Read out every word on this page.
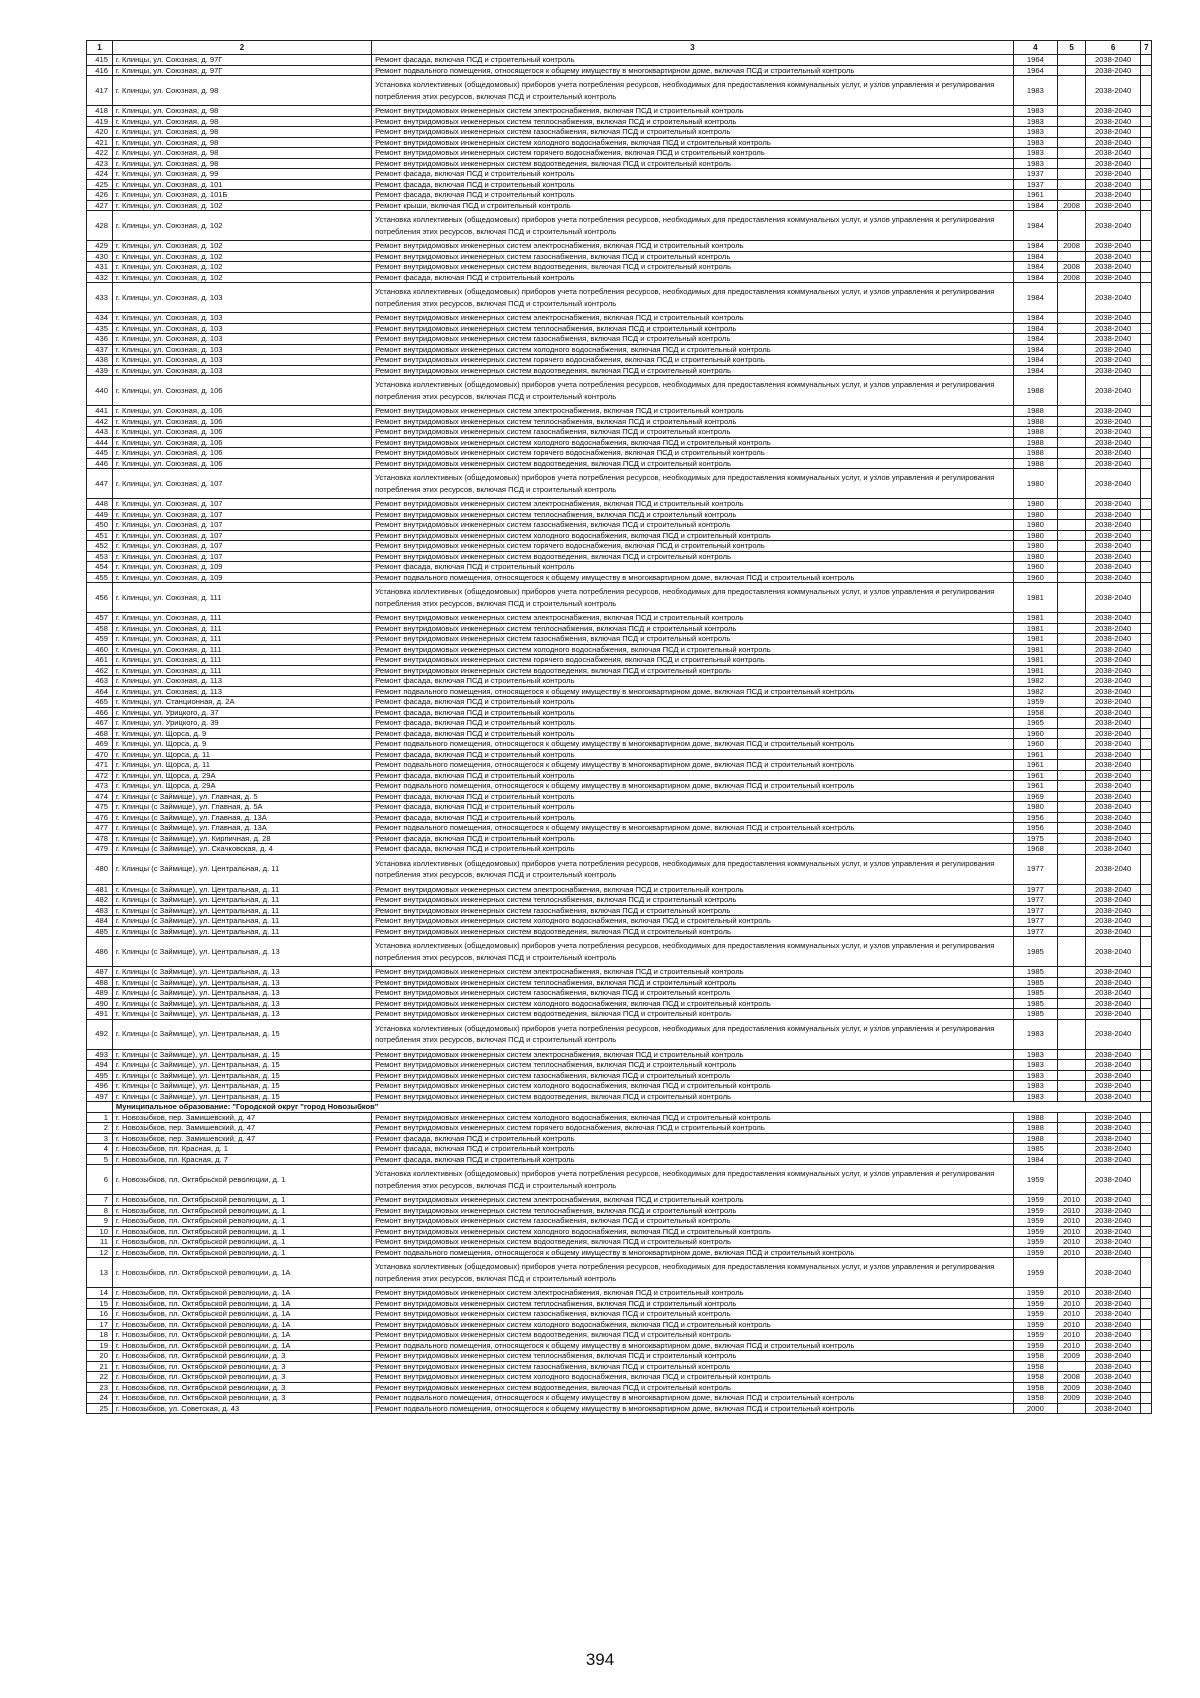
1	2	3	4	5	6	7
415	г. Клинцы, ул. Союзная, д. 97Г	Ремонт фасада, включая ПСД и строительный контроль	1964		2038-2040	
416	г. Клинцы, ул. Союзная, д. 97Г	Ремонт подвального помещения, относящегося к общему имуществу в многоквартирном доме, включая ПСД и строительный контроль	1964		2038-2040	
417	г. Клинцы, ул. Союзная, д. 98	Установка коллективных (общедомовых) приборов учета потребления ресурсов, необходимых для предоставления коммунальных услуг, и узлов управления и регулирования потребления этих ресурсов, включая ПСД и строительный контроль	1983		2038-2040	
418	г. Клинцы, ул. Союзная, д. 98	Ремонт внутридомовых инженерных систем электроснабжения, включая ПСД и строительный контроль	1983		2038-2040	
419	г. Клинцы, ул. Союзная, д. 98	Ремонт внутридомовых инженерных систем теплоснабжения, включая ПСД и строительный контроль	1983		2038-2040	
420	г. Клинцы, ул. Союзная, д. 98	Ремонт внутридомовых инженерных систем газоснабжения, включая ПСД и строительный контроль	1983		2038-2040	
421	г. Клинцы, ул. Союзная, д. 98	Ремонт внутридомовых инженерных систем холодного водоснабжения, включая ПСД и строительный контроль	1983		2038-2040	
422	г. Клинцы, ул. Союзная, д. 98	Ремонт внутридомовых инженерных систем горячего водоснабжения, включая ПСД и строительный контроль	1983		2038-2040	
423	г. Клинцы, ул. Союзная, д. 98	Ремонт внутридомовых инженерных систем водоотведения, включая ПСД и строительный контроль	1983		2038-2040	
424	г. Клинцы, ул. Союзная, д. 99	Ремонт фасада, включая ПСД и строительный контроль	1937		2038-2040	
425	г. Клинцы, ул. Союзная, д. 101	Ремонт фасада, включая ПСД и строительный контроль	1937		2038-2040	
426	г. Клинцы, ул. Союзная, д. 101Б	Ремонт фасада, включая ПСД и строительный контроль	1961		2038-2040	
427	г. Клинцы, ул. Союзная, д. 102	Ремонт крыши, включая ПСД и строительный контроль	1984	2008	2038-2040	
428	г. Клинцы, ул. Союзная, д. 102	Установка коллективных (общедомовых) приборов учета потребления ресурсов, необходимых для предоставления коммунальных услуг, и узлов управления и регулирования потребления этих ресурсов, включая ПСД и строительный контроль	1984		2038-2040	
429	г. Клинцы, ул. Союзная, д. 102	Ремонт внутридомовых инженерных систем электроснабжения, включая ПСД и строительный контроль	1984	2008	2038-2040	
430	г. Клинцы, ул. Союзная, д. 102	Ремонт внутридомовых инженерных систем газоснабжения, включая ПСД и строительный контроль	1984		2038-2040	
431	г. Клинцы, ул. Союзная, д. 102	Ремонт внутридомовых инженерных систем водоотведения, включая ПСД и строительный контроль	1984	2008	2038-2040	
432	г. Клинцы, ул. Союзная, д. 102	Ремонт фасада, включая ПСД и строительный контроль	1984	2008	2038-2040	
433	г. Клинцы, ул. Союзная, д. 103	Установка коллективных (общедомовых) приборов учета потребления ресурсов, необходимых для предоставления коммунальных услуг, и узлов управления и регулирования потребления этих ресурсов, включая ПСД и строительный контроль	1984		2038-2040	
434	г. Клинцы, ул. Союзная, д. 103	Ремонт внутридомовых инженерных систем электроснабжения, включая ПСД и строительный контроль	1984		2038-2040	
435	г. Клинцы, ул. Союзная, д. 103	Ремонт внутридомовых инженерных систем теплоснабжения, включая ПСД и строительный контроль	1984		2038-2040	
436	г. Клинцы, ул. Союзная, д. 103	Ремонт внутридомовых инженерных систем газоснабжения, включая ПСД и строительный контроль	1984		2038-2040	
437	г. Клинцы, ул. Союзная, д. 103	Ремонт внутридомовых инженерных систем холодного водоснабжения, включая ПСД и строительный контроль	1984		2038-2040	
438	г. Клинцы, ул. Союзная, д. 103	Ремонт внутридомовых инженерных систем горячего водоснабжения, включая ПСД и строительный контроль	1984		2038-2040	
439	г. Клинцы, ул. Союзная, д. 103	Ремонт внутридомовых инженерных систем водоотведения, включая ПСД и строительный контроль	1984		2038-2040	
440	г. Клинцы, ул. Союзная, д. 106	Установка коллективных (общедомовых) приборов учета потребления ресурсов, необходимых для предоставления коммунальных услуг, и узлов управления и регулирования потребления этих ресурсов, включая ПСД и строительный контроль	1988		2038-2040	
441	г. Клинцы, ул. Союзная, д. 106	Ремонт внутридомовых инженерных систем электроснабжения, включая ПСД и строительный контроль	1988		2038-2040	
442	г. Клинцы, ул. Союзная, д. 106	Ремонт внутридомовых инженерных систем теплоснабжения, включая ПСД и строительный контроль	1988		2038-2040	
443	г. Клинцы, ул. Союзная, д. 106	Ремонт внутридомовых инженерных систем газоснабжения, включая ПСД и строительный контроль	1988		2038-2040	
444	г. Клинцы, ул. Союзная, д. 106	Ремонт внутридомовых инженерных систем холодного водоснабжения, включая ПСД и строительный контроль	1988		2038-2040	
445	г. Клинцы, ул. Союзная, д. 106	Ремонт внутридомовых инженерных систем горячего водоснабжения, включая ПСД и строительный контроль	1988		2038-2040	
446	г. Клинцы, ул. Союзная, д. 106	Ремонт внутридомовых инженерных систем водоотведения, включая ПСД и строительный контроль	1988		2038-2040	
447	г. Клинцы, ул. Союзная, д. 107	Установка коллективных (общедомовых) приборов учета потребления ресурсов, необходимых для предоставления коммунальных услуг, и узлов управления и регулирования потребления этих ресурсов, включая ПСД и строительный контроль	1980		2038-2040	
448	г. Клинцы, ул. Союзная, д. 107	Ремонт внутридомовых инженерных систем электроснабжения, включая ПСД и строительный контроль	1980		2038-2040	
449	г. Клинцы, ул. Союзная, д. 107	Ремонт внутридомовых инженерных систем теплоснабжения, включая ПСД и строительный контроль	1980		2038-2040	
450	г. Клинцы, ул. Союзная, д. 107	Ремонт внутридомовых инженерных систем газоснабжения, включая ПСД и строительный контроль	1980		2038-2040	
451	г. Клинцы, ул. Союзная, д. 107	Ремонт внутридомовых инженерных систем холодного водоснабжения, включая ПСД и строительный контроль	1980		2038-2040	
452	г. Клинцы, ул. Союзная, д. 107	Ремонт внутридомовых инженерных систем горячего водоснабжения, включая ПСД и строительный контроль	1980		2038-2040	
453	г. Клинцы, ул. Союзная, д. 107	Ремонт внутридомовых инженерных систем водоотведения, включая ПСД и строительный контроль	1980		2038-2040	
454	г. Клинцы, ул. Союзная, д. 109	Ремонт фасада, включая ПСД и строительный контроль	1960		2038-2040	
455	г. Клинцы, ул. Союзная, д. 109	Ремонт подвального помещения, относящегося к общему имуществу в многоквартирном доме, включая ПСД и строительный контроль	1960		2038-2040	
456	г. Клинцы, ул. Союзная, д. 111	Установка коллективных (общедомовых) приборов учета потребления ресурсов, необходимых для предоставления коммунальных услуг, и узлов управления и регулирования потребления этих ресурсов, включая ПСД и строительный контроль	1981		2038-2040	
457	г. Клинцы, ул. Союзная, д. 111	Ремонт внутридомовых инженерных систем электроснабжения, включая ПСД и строительный контроль	1981		2038-2040	
458	г. Клинцы, ул. Союзная, д. 111	Ремонт внутридомовых инженерных систем теплоснабжения, включая ПСД и строительный контроль	1981		2038-2040	
459	г. Клинцы, ул. Союзная, д. 111	Ремонт внутридомовых инженерных систем газоснабжения, включая ПСД и строительный контроль	1981		2038-2040	
460	г. Клинцы, ул. Союзная, д. 111	Ремонт внутридомовых инженерных систем холодного водоснабжения, включая ПСД и строительный контроль	1981		2038-2040	
461	г. Клинцы, ул. Союзная, д. 111	Ремонт внутридомовых инженерных систем горячего водоснабжения, включая ПСД и строительный контроль	1981		2038-2040	
462	г. Клинцы, ул. Союзная, д. 111	Ремонт внутридомовых инженерных систем водоотведения, включая ПСД и строительный контроль	1981		2038-2040	
463	г. Клинцы, ул. Союзная, д. 113	Ремонт фасада, включая ПСД и строительный контроль	1982		2038-2040	
464	г. Клинцы, ул. Союзная, д. 113	Ремонт подвального помещения, относящегося к общему имуществу в многоквартирном доме, включая ПСД и строительный контроль	1982		2038-2040	
465	г. Клинцы, ул. Станционная, д. 2А	Ремонт фасада, включая ПСД и строительный контроль	1959		2038-2040	
466	г. Клинцы, ул. Урицкого, д. 37	Ремонт фасада, включая ПСД и строительный контроль	1958		2038-2040	
467	г. Клинцы, ул. Урицкого, д. 39	Ремонт фасада, включая ПСД и строительный контроль	1965		2038-2040	
468	г. Клинцы, ул. Щорса, д. 9	Ремонт фасада, включая ПСД и строительный контроль	1960		2038-2040	
469	г. Клинцы, ул. Щорса, д. 9	Ремонт подвального помещения, относящегося к общему имуществу в многоквартирном доме, включая ПСД и строительный контроль	1960		2038-2040	
470	г. Клинцы, ул. Щорса, д. 11	Ремонт фасада, включая ПСД и строительный контроль	1961		2038-2040	
471	г. Клинцы, ул. Щорса, д. 11	Ремонт подвального помещения, относящегося к общему имуществу в многоквартирном доме, включая ПСД и строительный контроль	1961		2038-2040	
472	г. Клинцы, ул. Щорса, д. 29А	Ремонт фасада, включая ПСД и строительный контроль	1961		2038-2040	
473	г. Клинцы, ул. Щорса, д. 29А	Ремонт подвального помещения, относящегося к общему имуществу в многоквартирном доме, включая ПСД и строительный контроль	1961		2038-2040	
474	г. Клинцы (с Займище), ул. Главная, д. 5	Ремонт фасада, включая ПСД и строительный контроль	1969		2038-2040	
475	г. Клинцы (с Займище), ул. Главная, д. 5А	Ремонт фасада, включая ПСД и строительный контроль	1980		2038-2040	
476	г. Клинцы (с Займище), ул. Главная, д. 13А	Ремонт фасада, включая ПСД и строительный контроль	1956		2038-2040	
477	г. Клинцы (с Займище), ул. Главная, д. 13А	Ремонт подвального помещения, относящегося к общему имуществу в многоквартирном доме, включая ПСД и строительный контроль	1956		2038-2040	
478	г. Клинцы (с Займище), ул. Кирпичная, д. 28	Ремонт фасада, включая ПСД и строительный контроль	1975		2038-2040	
479	г. Клинцы (с Займище), ул. Скачковская, д. 4	Ремонт фасада, включая ПСД и строительный контроль	1968		2038-2040	
480	г. Клинцы (с Займище), ул. Центральная, д. 11	Установка коллективных (общедомовых) приборов учета потребления ресурсов, необходимых для предоставления коммунальных услуг, и узлов управления и регулирования потребления этих ресурсов, включая ПСД и строительный контроль	1977		2038-2040	
481	г. Клинцы (с Займище), ул. Центральная, д. 11	Ремонт внутридомовых инженерных систем электроснабжения, включая ПСД и строительный контроль	1977		2038-2040	
482	г. Клинцы (с Займище), ул. Центральная, д. 11	Ремонт внутридомовых инженерных систем теплоснабжения, включая ПСД и строительный контроль	1977		2038-2040	
483	г. Клинцы (с Займище), ул. Центральная, д. 11	Ремонт внутридомовых инженерных систем газоснабжения, включая ПСД и строительный контроль	1977		2038-2040	
484	г. Клинцы (с Займище), ул. Центральная, д. 11	Ремонт внутридомовых инженерных систем холодного водоснабжения, включая ПСД и строительный контроль	1977		2038-2040	
485	г. Клинцы (с Займище), ул. Центральная, д. 11	Ремонт внутридомовых инженерных систем водоотведения, включая ПСД и строительный контроль	1977		2038-2040	
486	г. Клинцы (с Займище), ул. Центральная, д. 13	Установка коллективных (общедомовых) приборов учета потребления ресурсов, необходимых для предоставления коммунальных услуг, и узлов управления и регулирования потребления этих ресурсов, включая ПСД и строительный контроль	1985		2038-2040	
487	г. Клинцы (с Займище), ул. Центральная, д. 13	Ремонт внутридомовых инженерных систем электроснабжения, включая ПСД и строительный контроль	1985		2038-2040	
488	г. Клинцы (с Займище), ул. Центральная, д. 13	Ремонт внутридомовых инженерных систем теплоснабжения, включая ПСД и строительный контроль	1985		2038-2040	
489	г. Клинцы (с Займище), ул. Центральная, д. 13	Ремонт внутридомовых инженерных систем газоснабжения, включая ПСД и строительный контроль	1985		2038-2040	
490	г. Клинцы (с Займище), ул. Центральная, д. 13	Ремонт внутридомовых инженерных систем холодного водоснабжения, включая ПСД и строительный контроль	1985		2038-2040	
491	г. Клинцы (с Займище), ул. Центральная, д. 13	Ремонт внутридомовых инженерных систем водоотведения, включая ПСД и строительный контроль	1985		2038-2040	
492	г. Клинцы (с Займище), ул. Центральная, д. 15	Установка коллективных (общедомовых) приборов учета потребления ресурсов, необходимых для предоставления коммунальных услуг, и узлов управления и регулирования потребления этих ресурсов, включая ПСД и строительный контроль	1983		2038-2040	
493	г. Клинцы (с Займище), ул. Центральная, д. 15	Ремонт внутридомовых инженерных систем электроснабжения, включая ПСД и строительный контроль	1983		2038-2040	
494	г. Клинцы (с Займище), ул. Центральная, д. 15	Ремонт внутридомовых инженерных систем теплоснабжения, включая ПСД и строительный контроль	1983		2038-2040	
495	г. Клинцы (с Займище), ул. Центральная, д. 15	Ремонт внутридомовых инженерных систем газоснабжения, включая ПСД и строительный контроль	1983		2038-2040	
496	г. Клинцы (с Займище), ул. Центральная, д. 15	Ремонт внутридомовых инженерных систем холодного водоснабжения, включая ПСД и строительный контроль	1983		2038-2040	
497	г. Клинцы (с Займище), ул. Центральная, д. 15	Ремонт внутридомовых инженерных систем водоотведения, включая ПСД и строительный контроль	1983		2038-2040	
	Муниципальное образование: "Городской округ "город Новозыбков"					
1	г. Новозыбков, пер. Замишевский, д. 47	Ремонт внутридомовых инженерных систем холодного водоснабжения, включая ПСД и строительный контроль	1988		2038-2040	
2	г. Новозыбков, пер. Замишевский, д. 47	Ремонт внутридомовых инженерных систем горячего водоснабжения, включая ПСД и строительный контроль	1988		2038-2040	
3	г. Новозыбков, пер. Замишевский, д. 47	Ремонт фасада, включая ПСД и строительный контроль	1988		2038-2040	
4	г. Новозыбков, пл. Красная, д. 1	Ремонт фасада, включая ПСД и строительный контроль	1985		2038-2040	
5	г. Новозыбков, пл. Красная, д. 7	Ремонт фасада, включая ПСД и строительный контроль	1984		2038-2040	
6	г. Новозыбков, пл. Октябрьской революции, д. 1	Установка коллективных (общедомовых) приборов учета потребления ресурсов, необходимых для предоставления коммунальных услуг, и узлов управления и регулирования потребления этих ресурсов, включая ПСД и строительный контроль	1959		2038-2040	
7	г. Новозыбков, пл. Октябрьской революции, д. 1	Ремонт внутридомовых инженерных систем электроснабжения, включая ПСД и строительный контроль	1959	2010	2038-2040	
8	г. Новозыбков, пл. Октябрьской революции, д. 1	Ремонт внутридомовых инженерных систем теплоснабжения, включая ПСД и строительный контроль	1959	2010	2038-2040	
9	г. Новозыбков, пл. Октябрьской революции, д. 1	Ремонт внутридомовых инженерных систем газоснабжения, включая ПСД и строительный контроль	1959	2010	2038-2040	
10	г. Новозыбков, пл. Октябрьской революции, д. 1	Ремонт внутридомовых инженерных систем холодного водоснабжения, включая ПСД и строительный контроль	1959	2010	2038-2040	
11	г. Новозыбков, пл. Октябрьской революции, д. 1	Ремонт внутридомовых инженерных систем водоотведения, включая ПСД и строительный контроль	1959	2010	2038-2040	
12	г. Новозыбков, пл. Октябрьской революции, д. 1	Ремонт подвального помещения, относящегося к общему имуществу в многоквартирном доме, включая ПСД и строительный контроль	1959	2010	2038-2040	
13	г. Новозыбков, пл. Октябрьской революции, д. 1А	Установка коллективных (общедомовых) приборов учета потребления ресурсов, необходимых для предоставления коммунальных услуг, и узлов управления и регулирования потребления этих ресурсов, включая ПСД и строительный контроль	1959		2038-2040	
14	г. Новозыбков, пл. Октябрьской революции, д. 1А	Ремонт внутридомовых инженерных систем электроснабжения, включая ПСД и строительный контроль	1959	2010	2038-2040	
15	г. Новозыбков, пл. Октябрьской революции, д. 1А	Ремонт внутридомовых инженерных систем теплоснабжения, включая ПСД и строительный контроль	1959	2010	2038-2040	
16	г. Новозыбков, пл. Октябрьской революции, д. 1А	Ремонт внутридомовых инженерных систем газоснабжения, включая ПСД и строительный контроль	1959	2010	2038-2040	
17	г. Новозыбков, пл. Октябрьской революции, д. 1А	Ремонт внутридомовых инженерных систем холодного водоснабжения, включая ПСД и строительный контроль	1959	2010	2038-2040	
18	г. Новозыбков, пл. Октябрьской революции, д. 1А	Ремонт внутридомовых инженерных систем водоотведения, включая ПСД и строительный контроль	1959	2010	2038-2040	
19	г. Новозыбков, пл. Октябрьской революции, д. 1А	Ремонт подвального помещения, относящегося к общему имуществу в многоквартирном доме, включая ПСД и строительный контроль	1959	2010	2038-2040	
20	г. Новозыбков, пл. Октябрьской революции, д. 3	Ремонт внутридомовых инженерных систем теплоснабжения, включая ПСД и строительный контроль	1958	2009	2038-2040	
21	г. Новозыбков, пл. Октябрьской революции, д. 3	Ремонт внутридомовых инженерных систем газоснабжения, включая ПСД и строительный контроль	1958		2038-2040	
22	г. Новозыбков, пл. Октябрьской революции, д. 3	Ремонт внутридомовых инженерных систем холодного водоснабжения, включая ПСД и строительный контроль	1958	2008	2038-2040	
23	г. Новозыбков, пл. Октябрьской революции, д. 3	Ремонт внутридомовых инженерных систем водоотведения, включая ПСД и строительный контроль	1958	2009	2038-2040	
24	г. Новозыбков, пл. Октябрьской революции, д. 3	Ремонт подвального помещения, относящегося к общему имуществу в многоквартирном доме, включая ПСД и строительный контроль	1958	2009	2038-2040	
25	г. Новозыбков, ул. Советская, д. 43	Ремонт подвального помещения, относящегося к общему имуществу в многоквартирном доме, включая ПСД и строительный контроль	2000		2038-2040	
394
